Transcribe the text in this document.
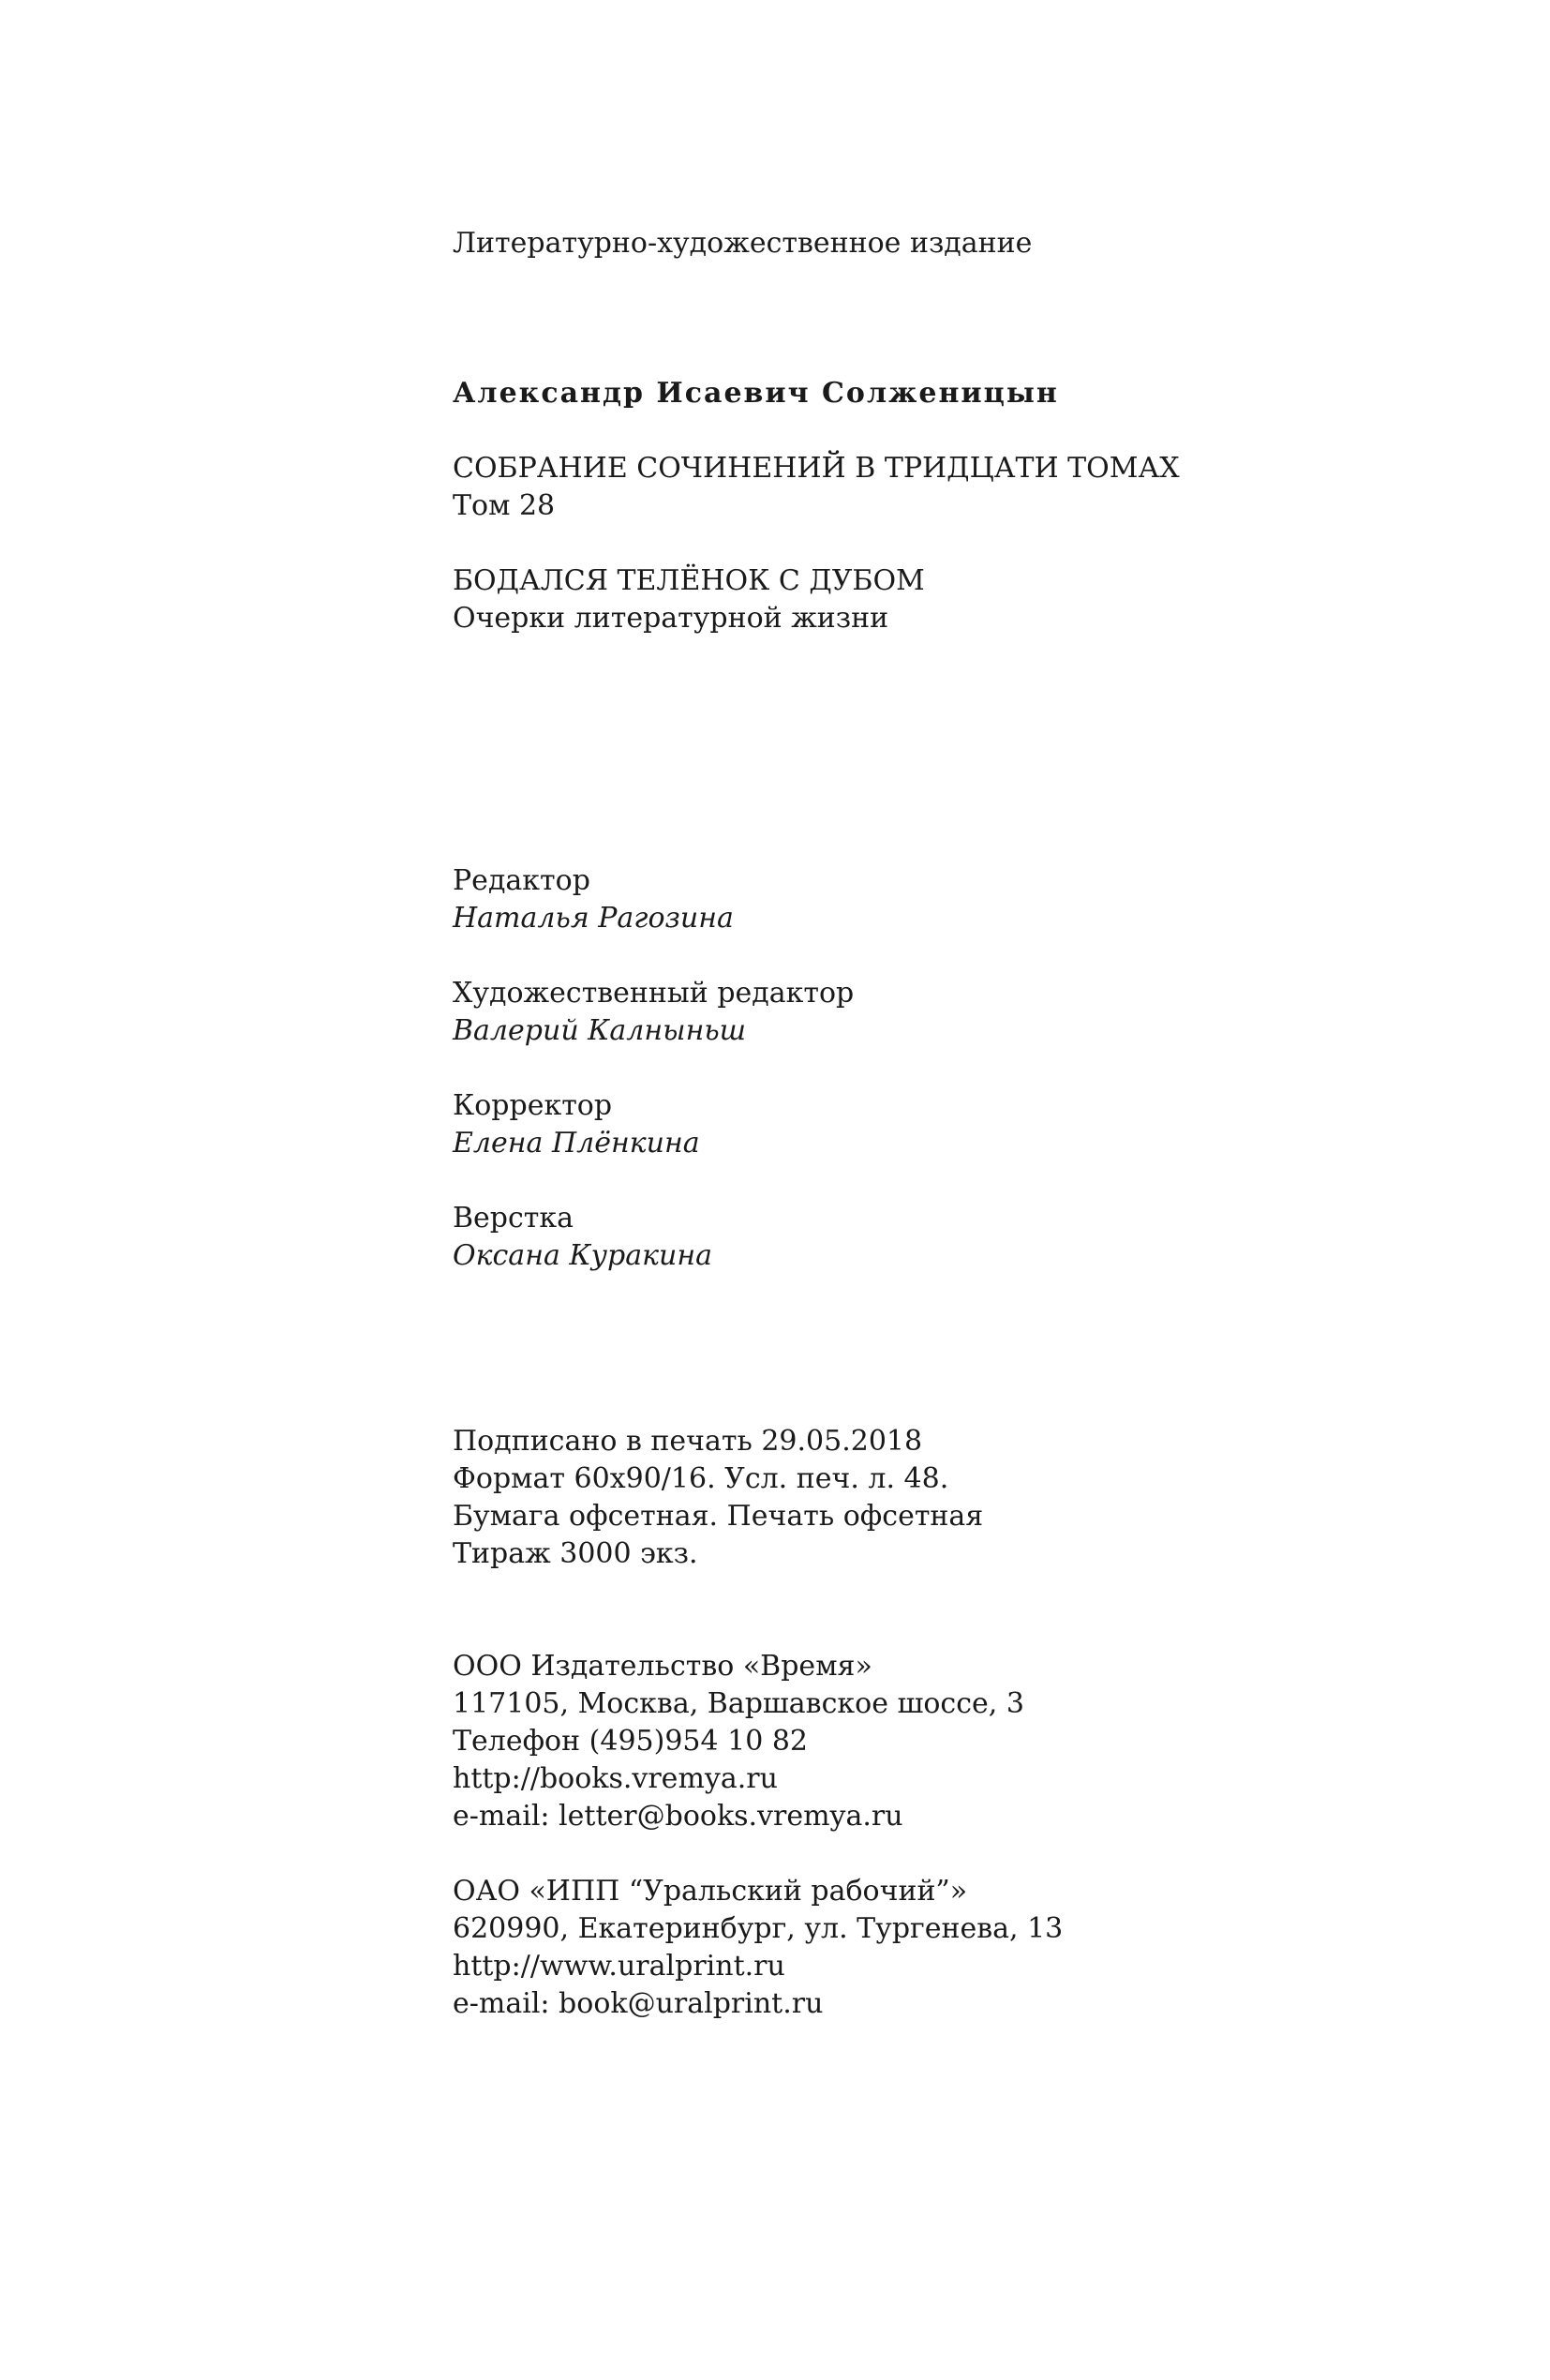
Литературно-художественное издание
Александр Исаевич Солженицын
СОБРАНИЕ СОЧИНЕНИЙ В ТРИДЦАТИ ТОМАХ
Том 28
БОДАЛСЯ ТЕЛЁНОК С ДУБОМ
Очерки литературной жизни
Редактор
Наталья Рагозина
Художественный редактор
Валерий Калныньш
Корректор
Елена Плёнкина
Верстка
Оксана Куракина
Подписано в печать 29.05.2018
Формат 60x90/16. Усл. печ. л. 48.
Бумага офсетная. Печать офсетная
Тираж 3000 экз.
ООО Издательство «Время»
117105, Москва, Варшавское шоссе, 3
Телефон (495)954 10 82
http://books.vremya.ru
e-mail: letter@books.vremya.ru
ОАО «ИПП “Уральский рабочий”»
620990, Екатеринбург, ул. Тургенева, 13
http://www.uralprint.ru
e-mail: book@uralprint.ru
